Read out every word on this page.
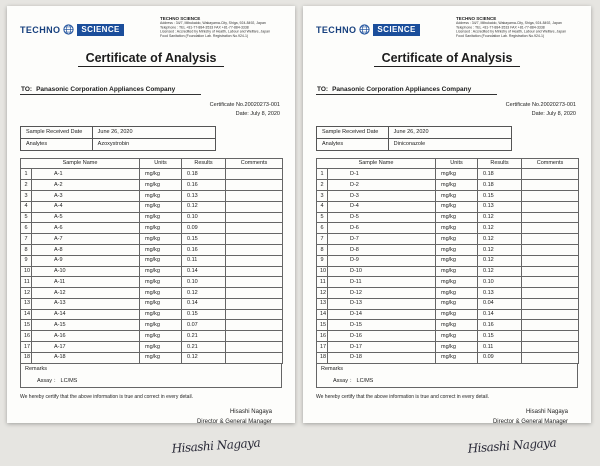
TECHNO	SCIENCE
TECHNO SCIENCE
Address : 34/7, Mibukaido, Wakayama-City, Shiga, 924-8492, Japan
Telephone : TEL +81-77-884-3533 FAX +81-77-884-3338
Licensed : Accredited by Ministry of Health, Labour and Welfare, Japan
Food Sanitation (Foundation Lab. Registration No.924-1)
Certificate of Analysis
TO: Panasonic Corporation Appliances Company
Certificate No.20020273-001
Date: July 8, 2020
Sample Received Date	June 26, 2020
Analytes	Azoxystrobin
Sample Name		Units	Results	Comments
1	A-1	mg/kg	0.18	
2	A-2	mg/kg	0.16	
3	A-3	mg/kg	0.13	
4	A-4	mg/kg	0.12	
5	A-5	mg/kg	0.10	
6	A-6	mg/kg	0.09	
7	A-7	mg/kg	0.15	
8	A-8	mg/kg	0.16	
9	A-9	mg/kg	0.11	
10	A-10	mg/kg	0.14	
11	A-11	mg/kg	0.10	
12	A-12	mg/kg	0.12	
13	A-13	mg/kg	0.14	
14	A-14	mg/kg	0.15	
15	A-15	mg/kg	0.07	
16	A-16	mg/kg	0.21	
17	A-17	mg/kg	0.21	
18	A-18	mg/kg	0.12	
Remarks
Assay ： LC/MS
We hereby certify that the above information is true and correct in every detail.
Hisashi Nagaya
Director & General Manager
Hisashi Nagaya
TECHNO	SCIENCE
TECHNO SCIENCE
Address : 34/7, Mibukaido, Wakayama-City, Shiga, 924-8492, Japan
Telephone : TEL +81-77-884-3533 FAX +81-77-884-3338
Licensed : Accredited by Ministry of Health, Labour and Welfare, Japan
Food Sanitation (Foundation Lab. Registration No.924-1)
Certificate of Analysis
TO: Panasonic Corporation Appliances Company
Certificate No.20020273-001
Date: July 8, 2020
Sample Received Date	June 26, 2020
Analytes	Diniconazole
Sample Name		Units	Results	Comments
1	D-1	mg/kg	0.18	
2	D-2	mg/kg	0.18	
3	D-3	mg/kg	0.15	
4	D-4	mg/kg	0.13	
5	D-5	mg/kg	0.12	
6	D-6	mg/kg	0.12	
7	D-7	mg/kg	0.12	
8	D-8	mg/kg	0.12	
9	D-9	mg/kg	0.12	
10	D-10	mg/kg	0.12	
11	D-11	mg/kg	0.10	
12	D-12	mg/kg	0.13	
13	D-13	mg/kg	0.04	
14	D-14	mg/kg	0.14	
15	D-15	mg/kg	0.16	
16	D-16	mg/kg	0.15	
17	D-17	mg/kg	0.11	
18	D-18	mg/kg	0.09	
Remarks
Assay ： LC/MS
We hereby certify that the above information is true and correct in every detail.
Hisashi Nagaya
Director & General Manager
Hisashi Nagaya
